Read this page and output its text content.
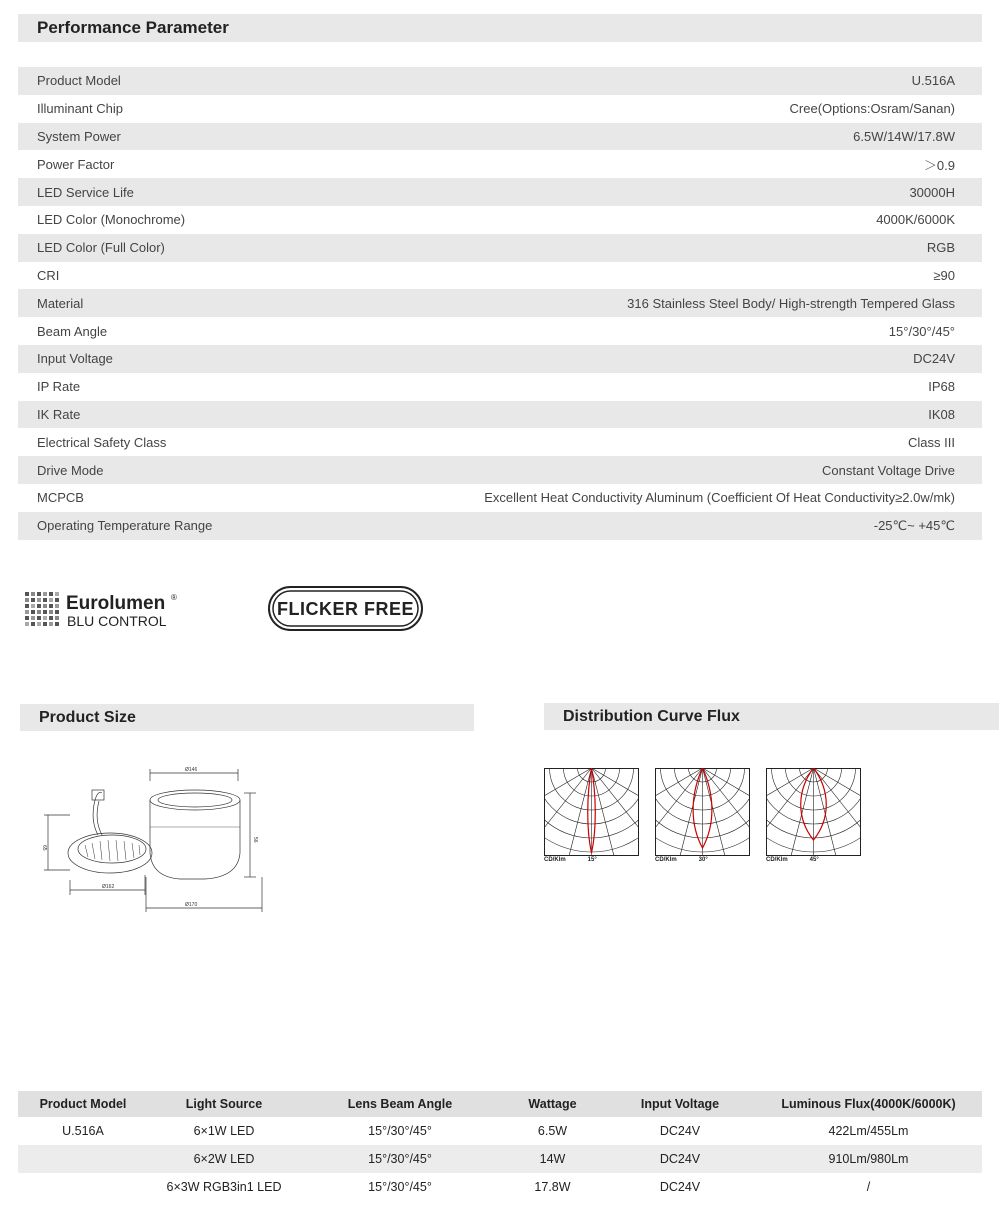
Performance Parameter
Product Model	U.516A
Illuminant Chip	Cree(Options:Osram/Sanan)
System Power	6.5W/14W/17.8W
Power Factor	＞0.9
LED Service Life	30000H
LED Color (Monochrome)	4000K/6000K
LED Color (Full Color)	RGB
CRI	≥90
Material	316 Stainless Steel Body/ High-strength Tempered Glass
Beam Angle	15°/30°/45°
Input Voltage	DC24V
IP Rate	IP68
IK Rate	IK08
Electrical Safety Class	Class III
Drive Mode	Constant Voltage Drive
MCPCB	Excellent Heat Conductivity Aluminum (Coefficient Of Heat Conductivity≥2.0w/mk)
Operating Temperature Range	-25℃~ +45℃
Eurolumen ®
BLU CONTROL
FLICKER FREE
Product Size
Ø146
56
65
Ø162
Ø170
Distribution Curve Flux
CD/Klm	15°	CD/Klm	30°	CD/Klm	45°
Product Model	Light Source	Lens Beam Angle	Wattage	Input Voltage	Luminous Flux(4000K/6000K)
U.516A	6×1W LED	15°/30°/45°	6.5W	DC24V	422Lm/455Lm
	6×2W LED	15°/30°/45°	14W	DC24V	910Lm/980Lm
	6×3W RGB3in1 LED	15°/30°/45°	17.8W	DC24V	/
